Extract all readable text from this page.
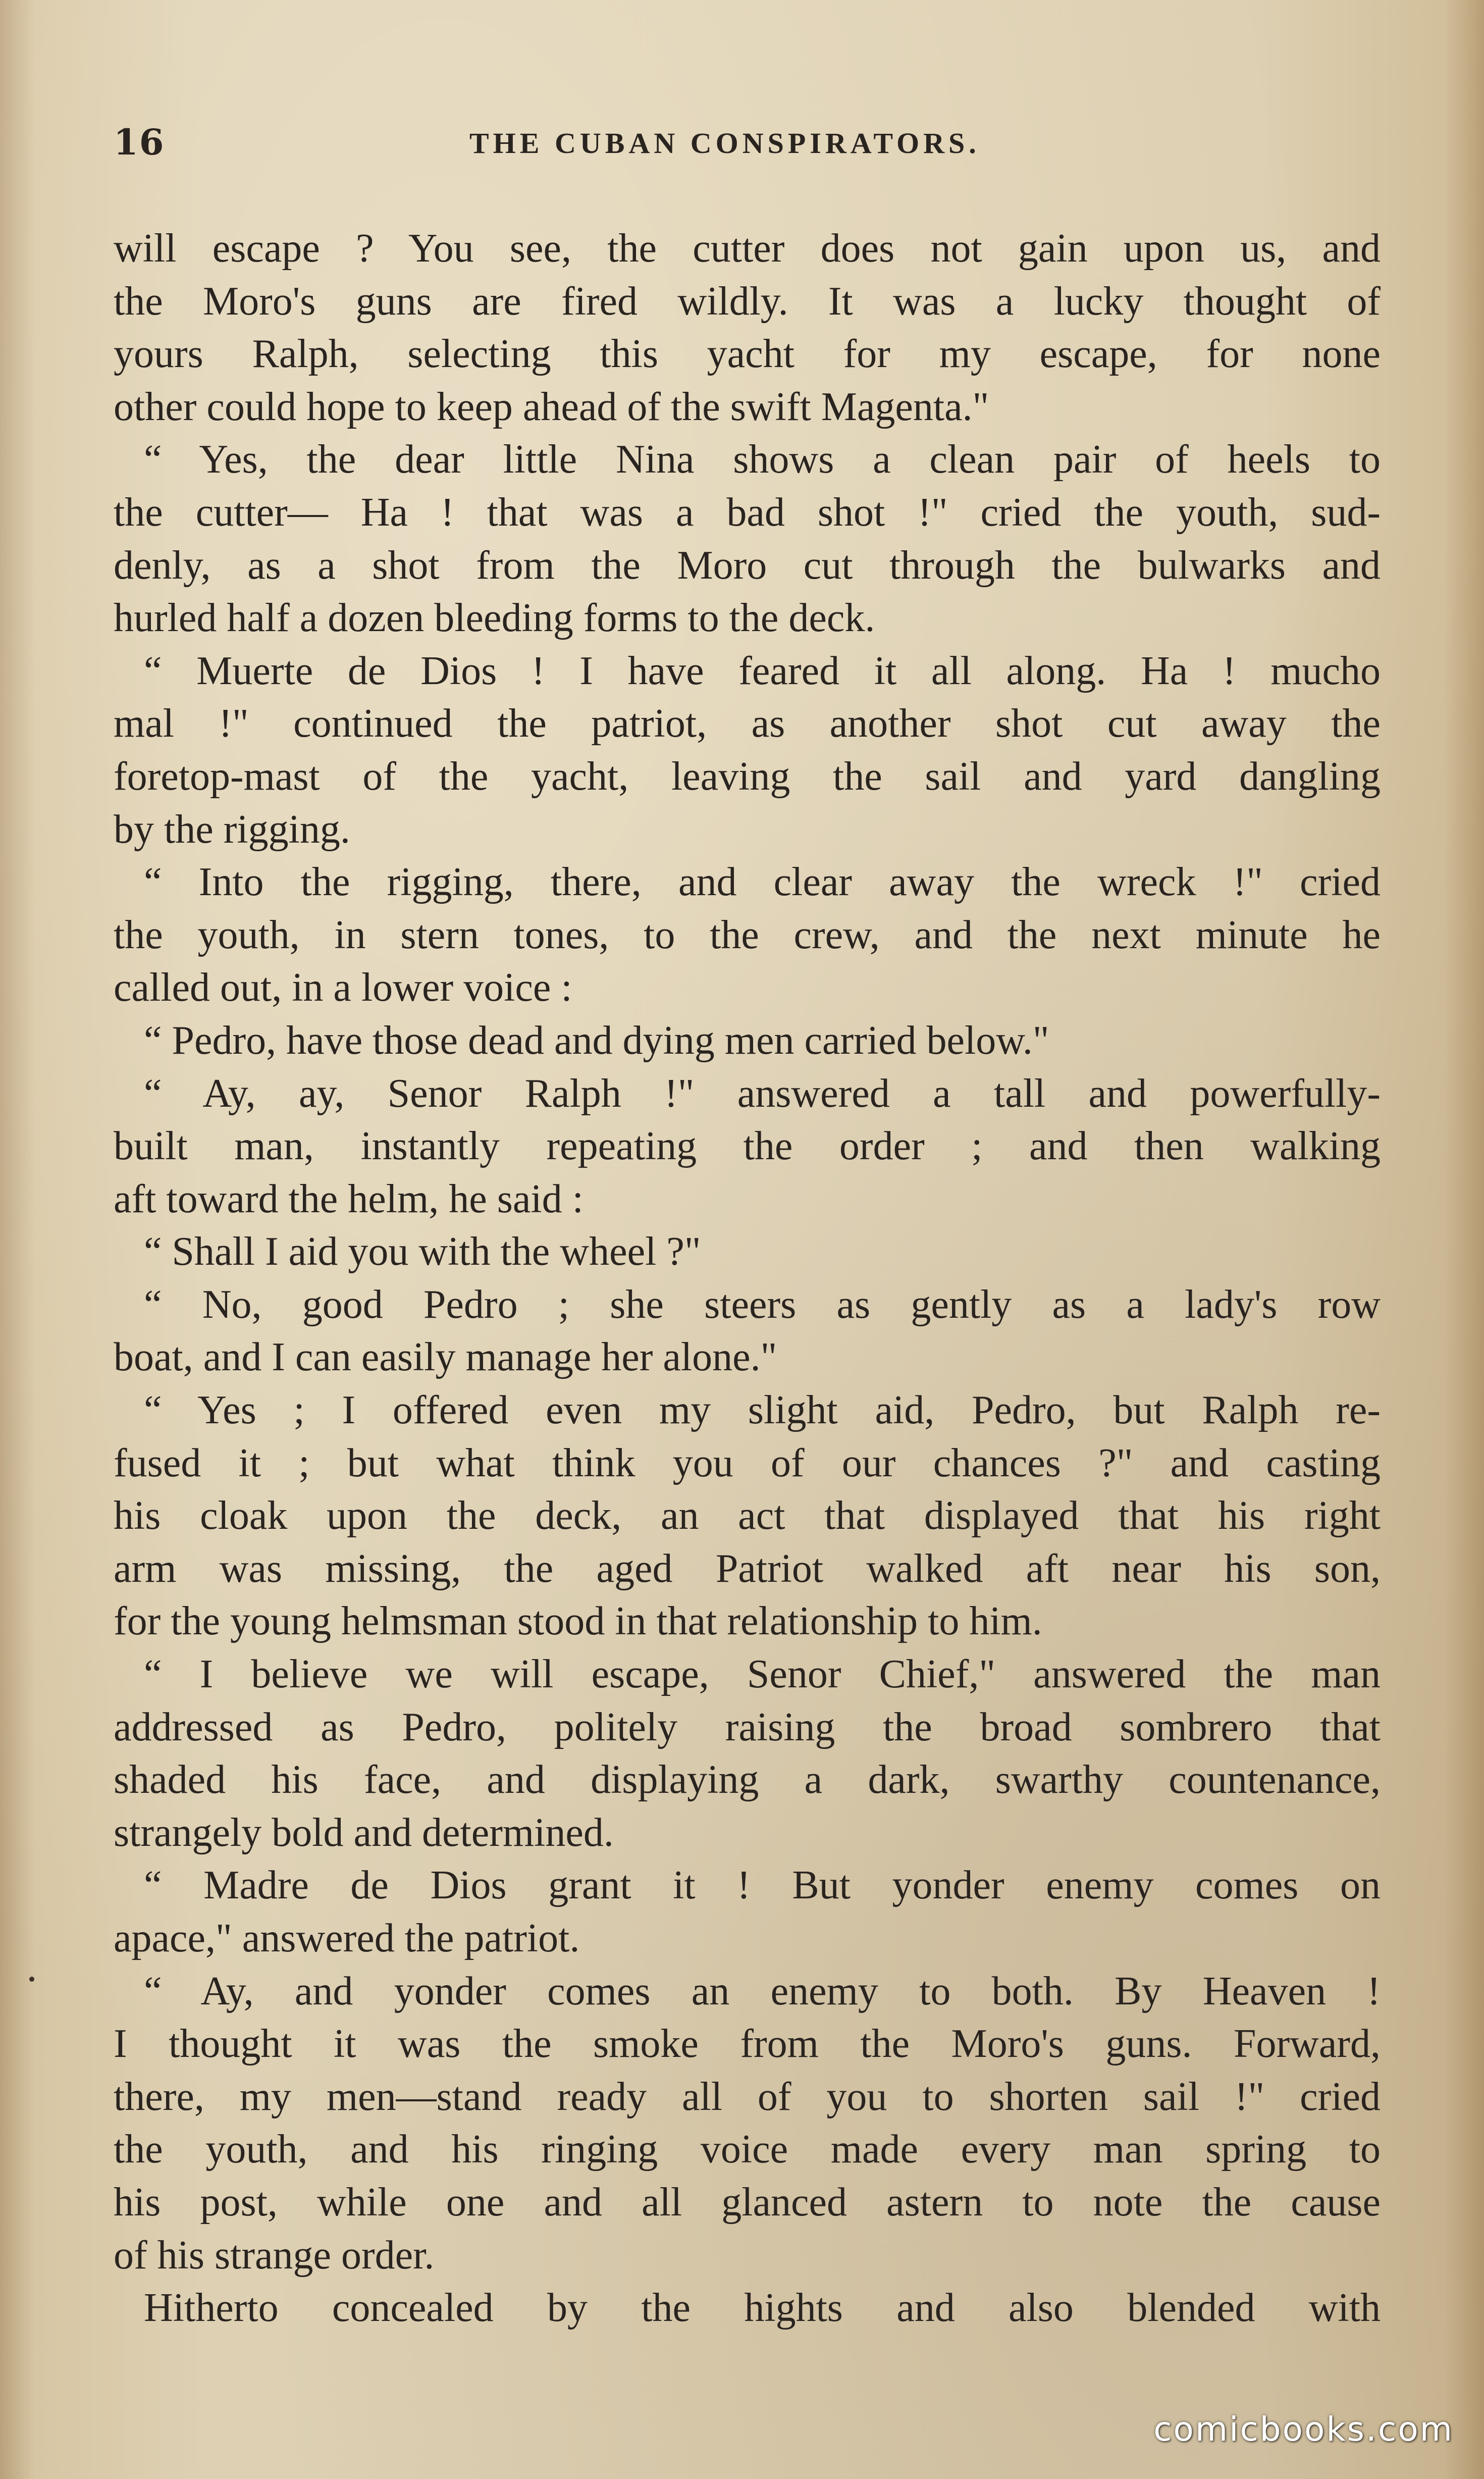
16	THE CUBAN CONSPIRATORS.
will escape ? You see, the cutter does not gain upon us, and
the Moro's guns are fired wildly. It was a lucky thought of
yours Ralph, selecting this yacht for my escape, for none
other could hope to keep ahead of the swift Magenta."
“ Yes, the dear little Nina shows a clean pair of heels to
the cutter— Ha ! that was a bad shot !" cried the youth, sud-
denly, as a shot from the Moro cut through the bulwarks and
hurled half a dozen bleeding forms to the deck.
“ Muerte de Dios ! I have feared it all along. Ha ! mucho
mal !" continued the patriot, as another shot cut away the
foretop-mast of the yacht, leaving the sail and yard dangling
by the rigging.
“ Into the rigging, there, and clear away the wreck !" cried
the youth, in stern tones, to the crew, and the next minute he
called out, in a lower voice :
“ Pedro, have those dead and dying men carried below."
“ Ay, ay, Senor Ralph !" answered a tall and powerfully-
built man, instantly repeating the order ; and then walking
aft toward the helm, he said :
“ Shall I aid you with the wheel ?"
“ No, good Pedro ; she steers as gently as a lady's row
boat, and I can easily manage her alone."
“ Yes ; I offered even my slight aid, Pedro, but Ralph re-
fused it ; but what think you of our chances ?" and casting
his cloak upon the deck, an act that displayed that his right
arm was missing, the aged Patriot walked aft near his son,
for the young helmsman stood in that relationship to him.
“ I believe we will escape, Senor Chief," answered the man
addressed as Pedro, politely raising the broad sombrero that
shaded his face, and displaying a dark, swarthy countenance,
strangely bold and determined.
“ Madre de Dios grant it ! But yonder enemy comes on
apace," answered the patriot.
“ Ay, and yonder comes an enemy to both. By Heaven !
I thought it was the smoke from the Moro's guns. Forward,
there, my men—stand ready all of you to shorten sail !" cried
the youth, and his ringing voice made every man spring to
his post, while one and all glanced astern to note the cause
of his strange order.
Hitherto concealed by the hights and also blended with
comicbooks.com
